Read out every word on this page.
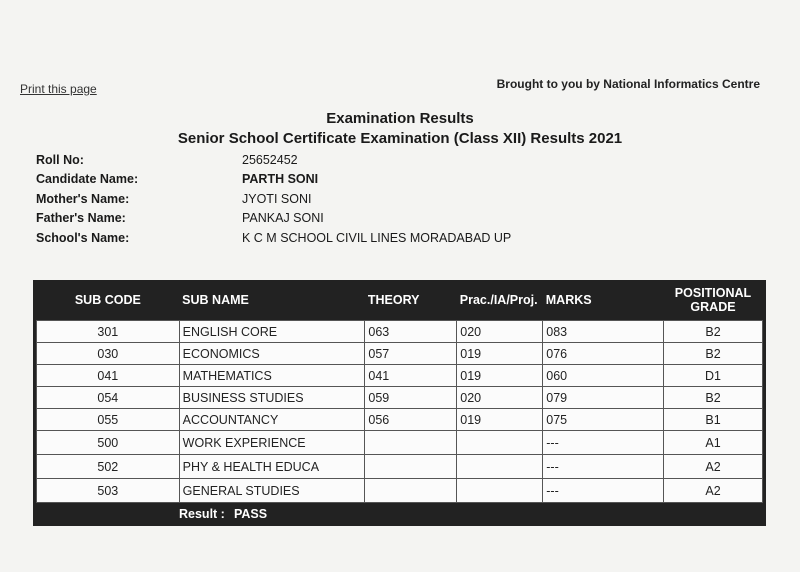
Print this page	Brought to you by National Informatics Centre
Examination Results
Senior School Certificate Examination (Class XII) Results 2021
Roll No:	25652452
Candidate Name:	PARTH SONI
Mother's Name:	JYOTI SONI
Father's Name:	PANKAJ SONI
School's Name:	K C M SCHOOL CIVIL LINES MORADABAD UP
SUB CODE	SUB NAME	THEORY	Prac./IA/Proj.	MARKS	POSITIONAL
GRADE
301	ENGLISH CORE	063	020	083	B2
030	ECONOMICS	057	019	076	B2
041	MATHEMATICS	041	019	060	D1
054	BUSINESS STUDIES	059	020	079	B2
055	ACCOUNTANCY	056	019	075	B1
500	WORK EXPERIENCE			---	A1
502	PHY & HEALTH EDUCA			---	A2
503	GENERAL STUDIES			---	A2
Result : PASS
